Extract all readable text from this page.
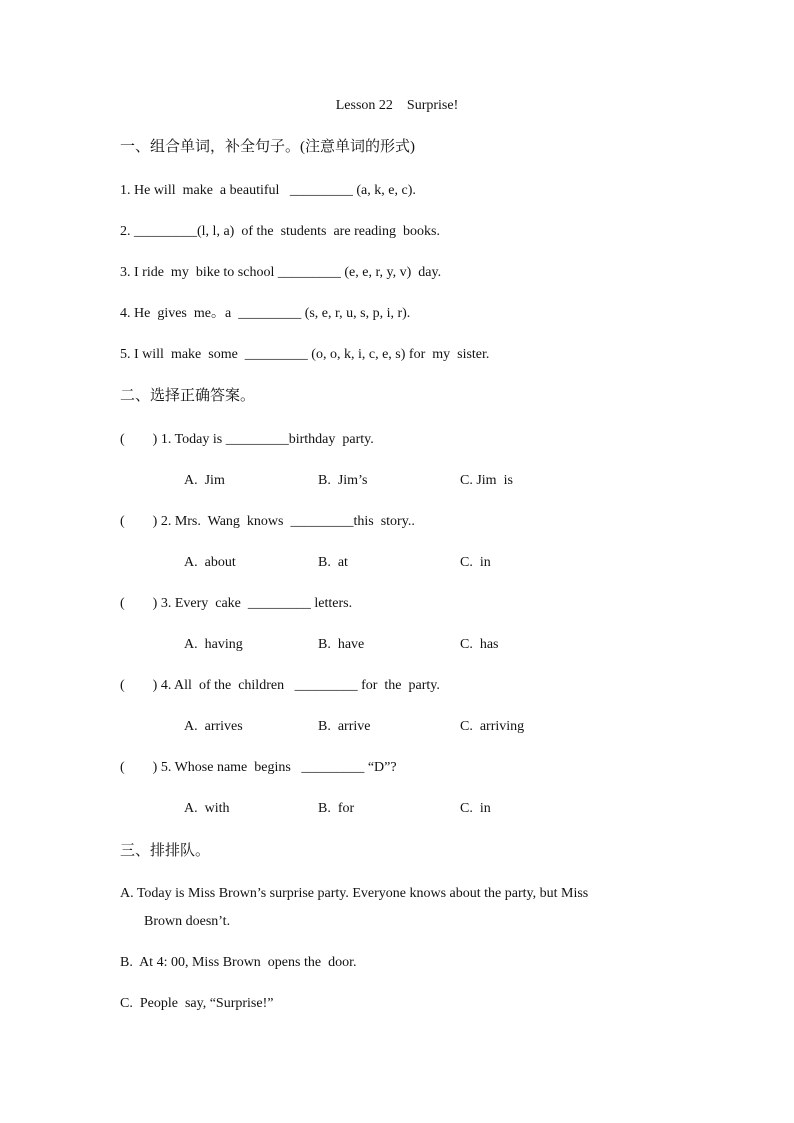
Lesson 22    Surprise!
一、组合单词，补全句子。(注意单词的形式)
1. He will  make  a beautiful   _________ (a, k, e, c).
2. _________(l, l, a)  of the  students  are reading  books.
3. I ride  my  bike to school _________ (e, e, r, y, v)  day.
4. He  gives  me。a  _________ (s, e, r, u, s, p, i, r).
5. I will  make  some  _________ (o, o, k, i, c, e, s) for  my  sister.
二、选择正确答案。
(        ) 1. Today is _________birthday  party.
A.  Jim	B.  Jim’s	C. Jim  is
(        ) 2. Mrs.  Wang  knows  _________this  story..
A.  about	B.  at	C.  in
(        ) 3. Every  cake  _________ letters.
A.  having	B.  have	C.  has
(        ) 4. All  of the  children   _________ for  the  party.
A.  arrives	B.  arrive	C.  arriving
(        ) 5. Whose name  begins   _________ “D”?
A.  with	B.  for	C.  in
三、排排队。
A. Today is Miss Brown’s surprise party. Everyone knows about the party, but Miss
Brown doesn’t.
B.  At 4: 00, Miss Brown  opens the  door.
C.  People  say, “Surprise!”
